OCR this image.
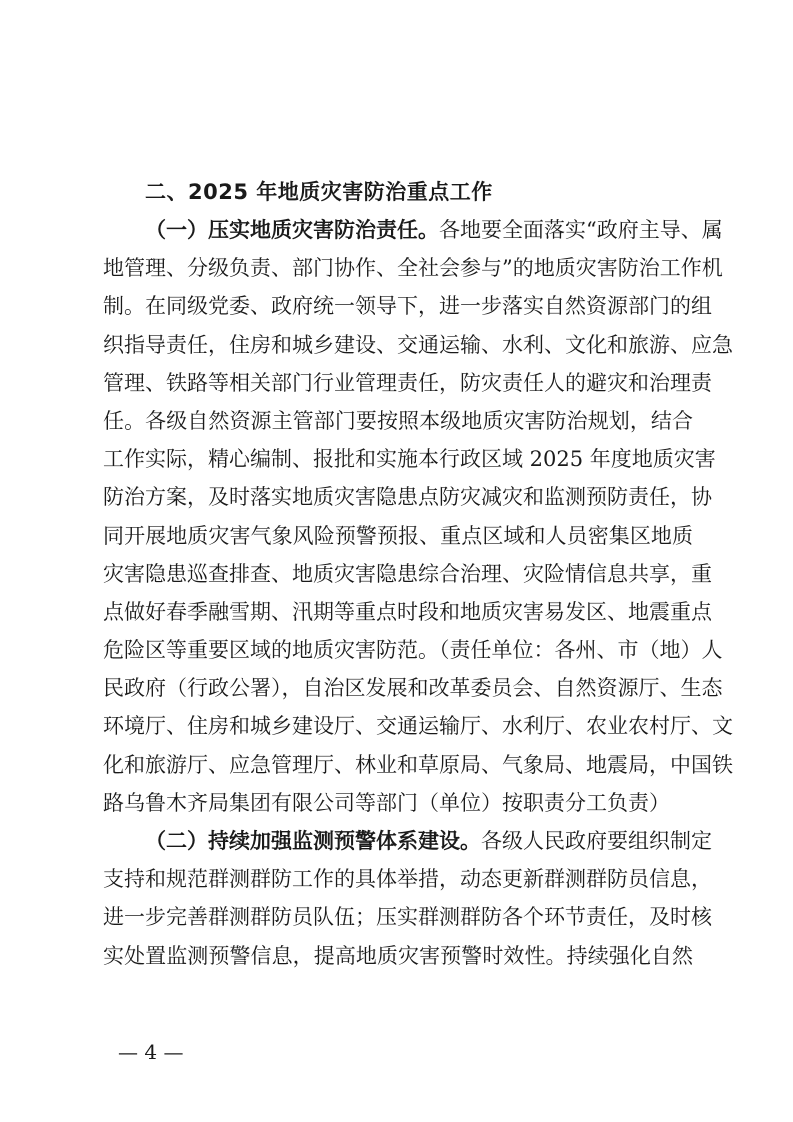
二、2025 年地质灾害防治重点工作
（一）压实地质灾害防治责任。各地要全面落实“政府主导、属
地管理、分级负责、部门协作、全社会参与”的地质灾害防治工作机
制。在同级党委、政府统一领导下，进一步落实自然资源部门的组
织指导责任，住房和城乡建设、交通运输、水利、文化和旅游、应急
管理、铁路等相关部门行业管理责任，防灾责任人的避灾和治理责
任。各级自然资源主管部门要按照本级地质灾害防治规划，结合
工作实际，精心编制、报批和实施本行政区域 2025 年度地质灾害
防治方案，及时落实地质灾害隐患点防灾减灾和监测预防责任，协
同开展地质灾害气象风险预警预报、重点区域和人员密集区地质
灾害隐患巡查排查、地质灾害隐患综合治理、灾险情信息共享，重
点做好春季融雪期、汛期等重点时段和地质灾害易发区、地震重点
危险区等重要区域的地质灾害防范。（责任单位：各州、市（地）人
民政府（行政公署），自治区发展和改革委员会、自然资源厅、生态
环境厅、住房和城乡建设厅、交通运输厅、水利厅、农业农村厅、文
化和旅游厅、应急管理厅、林业和草原局、气象局、地震局，中国铁
路乌鲁木齐局集团有限公司等部门（单位）按职责分工负责）
（二）持续加强监测预警体系建设。各级人民政府要组织制定
支持和规范群测群防工作的具体举措，动态更新群测群防员信息，
进一步完善群测群防员队伍；压实群测群防各个环节责任，及时核
实处置监测预警信息，提高地质灾害预警时效性。持续强化自然
— 4 —
